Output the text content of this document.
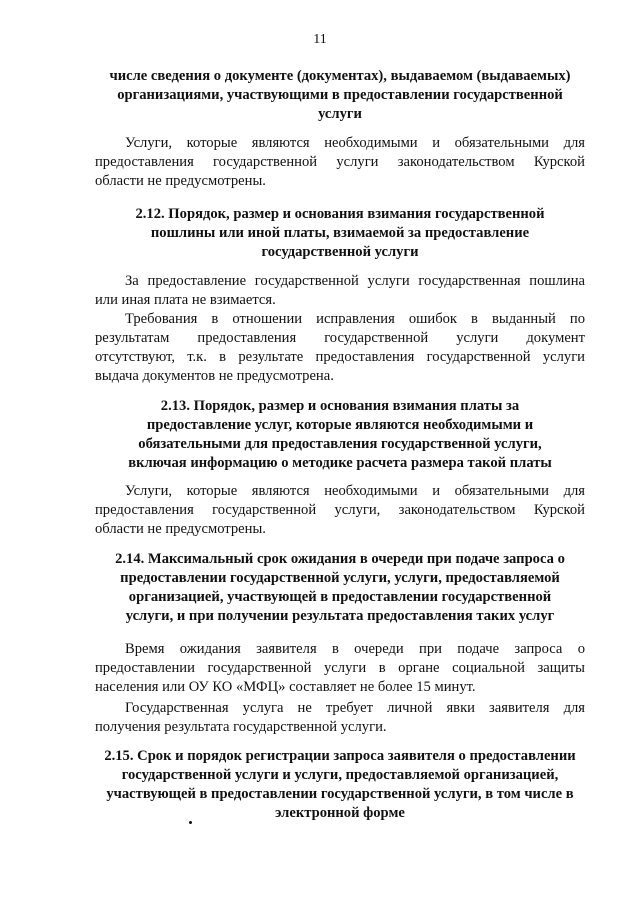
11
числе сведения о документе (документах), выдаваемом (выдаваемых)
организациями, участвующими в предоставлении государственной
услуги
Услуги, которые являются необходимыми и обязательными для
предоставления государственной услуги законодательством Курской
области не предусмотрены.
2.12. Порядок, размер и основания взимания государственной
пошлины или иной платы, взимаемой за предоставление
государственной услуги
За предоставление государственной услуги государственная пошлина
или иная плата не взимается.
Требования в отношении исправления ошибок в выданный по
результатам предоставления государственной услуги документ
отсутствуют, т.к. в результате предоставления государственной услуги
выдача документов не предусмотрена.
2.13. Порядок, размер и основания взимания платы за
предоставление услуг, которые являются необходимыми и
обязательными для предоставления государственной услуги,
включая информацию о методике расчета размера такой платы
Услуги, которые являются необходимыми и обязательными для
предоставления государственной услуги, законодательством Курской
области не предусмотрены.
2.14. Максимальный срок ожидания в очереди при подаче запроса о
предоставлении государственной услуги, услуги, предоставляемой
организацией, участвующей в предоставлении государственной
услуги, и при получении результата предоставления таких услуг
Время ожидания заявителя в очереди при подаче запроса о
предоставлении государственной услуги в органе социальной защиты
населения или ОУ КО «МФЦ» составляет не более 15 минут.
Государственная услуга не требует личной явки заявителя для
получения результата государственной услуги.
2.15. Срок и порядок регистрации запроса заявителя о предоставлении
государственной услуги и услуги, предоставляемой организацией,
участвующей в предоставлении государственной услуги, в том числе в
электронной форме
